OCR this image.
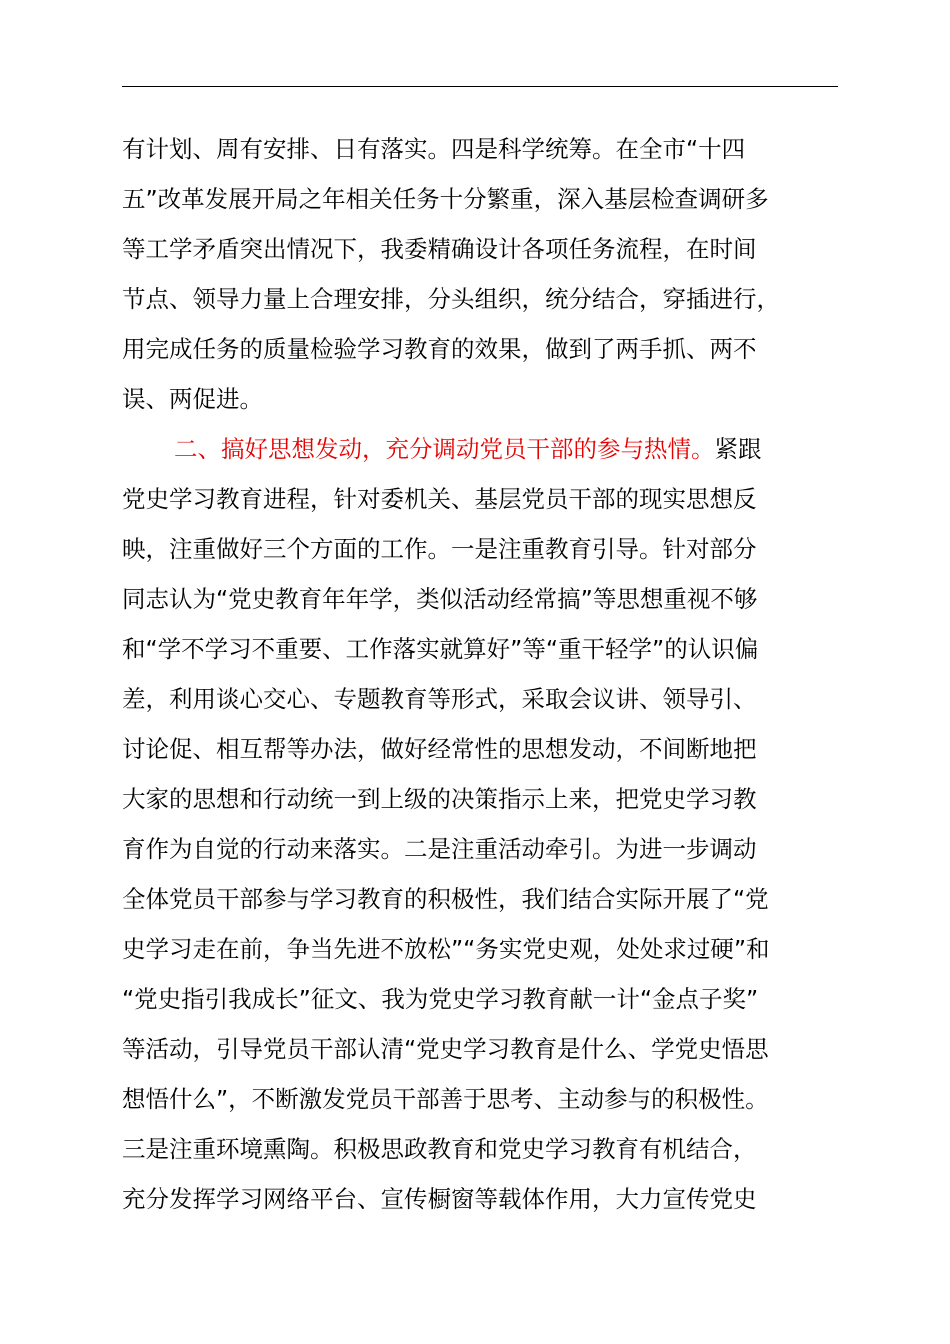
有计划、周有安排、日有落实。四是科学统筹。在全市“十四
五”改革发展开局之年相关任务十分繁重，深入基层检查调研多
等工学矛盾突出情况下，我委精确设计各项任务流程，在时间
节点、领导力量上合理安排，分头组织，统分结合，穿插进行，
用完成任务的质量检验学习教育的效果，做到了两手抓、两不
误、两促进。
二、搞好思想发动，充分调动党员干部的参与热情。紧跟
党史学习教育进程，针对委机关、基层党员干部的现实思想反
映，注重做好三个方面的工作。一是注重教育引导。针对部分
同志认为“党史教育年年学，类似活动经常搞”等思想重视不够
和“学不学习不重要、工作落实就算好”等“重干轻学”的认识偏
差，利用谈心交心、专题教育等形式，采取会议讲、领导引、
讨论促、相互帮等办法，做好经常性的思想发动，不间断地把
大家的思想和行动统一到上级的决策指示上来，把党史学习教
育作为自觉的行动来落实。二是注重活动牵引。为进一步调动
全体党员干部参与学习教育的积极性，我们结合实际开展了“党
史学习走在前，争当先进不放松”“务实党史观，处处求过硬”和
“党史指引我成长”征文、我为党史学习教育献一计“金点子奖”
等活动，引导党员干部认清“党史学习教育是什么、学党史悟思
想悟什么”，不断激发党员干部善于思考、主动参与的积极性。
三是注重环境熏陶。积极思政教育和党史学习教育有机结合，
充分发挥学习网络平台、宣传橱窗等载体作用，大力宣传党史
